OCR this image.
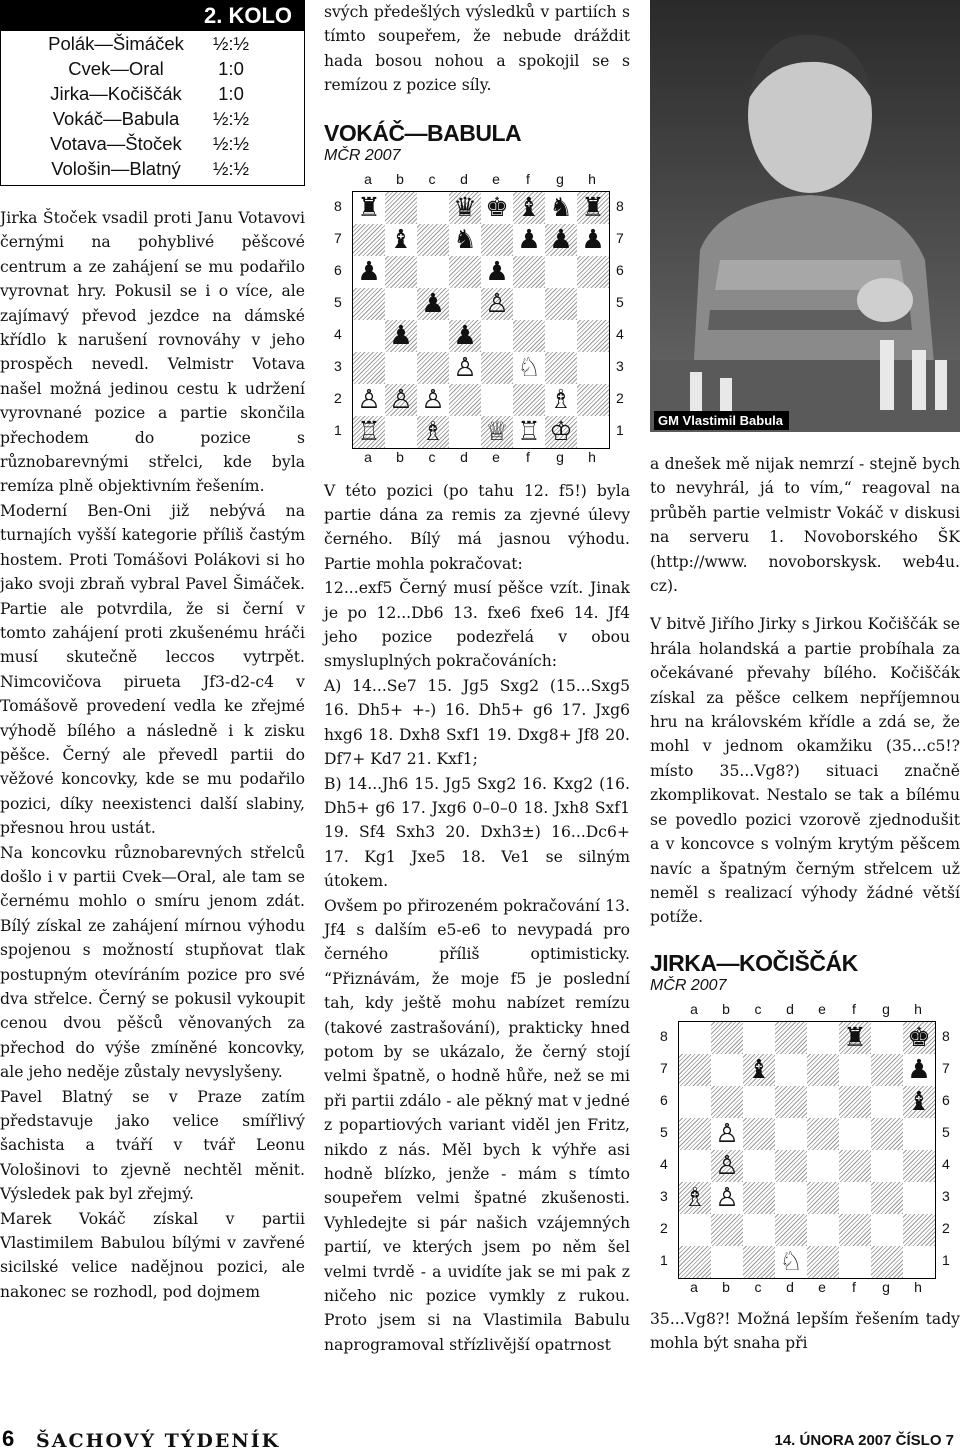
2. KOLO
Polák—Šimáček	½:½
Cvek—Oral	1:0
Jirka—Kočiščák	1:0
Vokáč—Babula	½:½
Votava—Štoček	½:½
Vološin—Blatný	½:½

Jirka Štoček vsadil proti Janu Votavovi černými na pohyblivé pěšcové centrum a ze zahájení se mu podařilo vyrovnat hry. Pokusil se i o více, ale zajímavý převod jezdce na dámské křídlo k narušení rovnováhy v jeho prospěch nevedl. Velmistr Votava našel možná jedinou cestu k udržení vyrovnané pozice a partie skončila přechodem do pozice s různobarevnými střelci, kde byla remíza plně objektivním řešením.

Moderní Ben-Oni již nebývá na turnajích vyšší kategorie příliš častým hostem. Proti Tomášovi Polákovi si ho jako svoji zbraň vybral Pavel Šimáček. Partie ale potvrdila, že si černí v tomto zahájení proti zkušenému hráči musí skutečně leccos vytrpět. Nimcovičova pirueta Jf3-d2-c4 v Tomášově provedení vedla ke zřejmé výhodě bílého a následně i k zisku pěšce. Černý ale převedl partii do věžové koncovky, kde se mu podařilo pozici, díky neexistenci další slabiny, přesnou hrou ustát.

Na koncovku různobarevných střelců došlo i v partii Cvek—Oral, ale tam se černému mohlo o smíru jenom zdát. Bílý získal ze zahájení mírnou výhodu spojenou s možností stupňovat tlak postupným otevíráním pozice pro své dva střelce. Černý se pokusil vykoupit cenou dvou pěšců věnovaných za přechod do výše zmíněné koncovky, ale jeho neděje zůstaly nevyslyšeny.

Pavel Blatný se v Praze zatím představuje jako velice smířlivý šachista a tváří v tvář Leonu Vološinovi to zjevně nechtěl měnit. Výsledek pak byl zřejmý.

Marek Vokáč získal v partii Vlastimilem Babulou bílými v zavřené sicilské velice nadějnou pozici, ale nakonec se rozhodl, pod dojmem

svých předešlých výsledků v partiích s tímto soupeřem, že nebude dráždit hada bosou nohou a spokojil se s remízou z pozice síly.

VOKÁČ—BABULA

MČR 2007

a	b	c	d	e	f	g	h
a	b	c	d	e	f	g	h
8	8
7	7
6	6
5	5
4	4
3	3
2	2
1	1
♜	♛ ♚ ♝ ♞ ♜
♝ ♞ ♟ ♟ ♟
♟	♟
♟ ♙
♟ ♟
♙ ♘
♙ ♙ ♙	♗
♖ ♗ ♕ ♖ ♔

V této pozici (po tahu 12. f5!) byla partie dána za remis za zjevné úlevy černého. Bílý má jasnou výhodu. Partie mohla pokračovat:

12...exf5 Černý musí pěšce vzít. Jinak je po 12...Db6 13. fxe6 fxe6 14. Jf4 jeho pozice podezřelá v obou smysluplných pokračováních:

A) 14...Se7 15. Jg5 Sxg2 (15...Sxg5 16. Dh5+ +-) 16. Dh5+ g6 17. Jxg6 hxg6 18. Dxh8 Sxf1 19. Dxg8+ Jf8 20. Df7+ Kd7 21. Kxf1;

B) 14...Jh6 15. Jg5 Sxg2 16. Kxg2 (16. Dh5+ g6 17. Jxg6 0–0–0 18. Jxh8 Sxf1 19. Sf4 Sxh3 20. Dxh3±) 16...Dc6+ 17. Kg1 Jxe5 18. Ve1 se silným útokem.

Ovšem po přirozeném pokračování 13. Jf4 s dalším e5-e6 to nevypadá pro černého příliš optimisticky. “Přiznávám, že moje f5 je poslední tah, kdy ještě mohu nabízet remízu (takové zastrašování), prakticky hned potom by se ukázalo, že černý stojí velmi špatně, o hodně hůře, než se mi při partii zdálo - ale pěkný mat v jedné z popartiových variant viděl jen Fritz, nikdo z nás. Měl bych k výhře asi hodně blízko, jenže - mám s tímto soupeřem velmi špatné zkušenosti. Vyhledejte si pár našich vzájemných partií, ve kterých jsem po něm šel velmi tvrdě - a uvidíte jak se mi pak z ničeho nic pozice vymkly z rukou. Proto jsem si na Vlastimila Babulu naprogramoval střízlivější opatrnost

GM Vlastimil Babula

a dnešek mě nijak nemrzí - stejně bych to nevyhrál, já to vím,“ reagoval na průběh partie velmistr Vokáč v diskusi na serveru 1. Novoborského ŠK (http://www. novoborskysk. web4u. cz).

V bitvě Jiřího Jirky s Jirkou Kočiščák se hrála holandská a partie probíhala za očekávané převahy bílého. Kočiščák získal za pěšce celkem nepříjemnou hru na královském křídle a zdá se, že mohl v jednom okamžiku (35...c5!? místo 35...Vg8?) situaci značně zkomplikovat. Nestalo se tak a bílému se povedlo pozici vzorově zjednodušit a v koncovce s volným krytým pěšcem navíc a špatným černým střelcem už neměl s realizací výhody žádné větší potíže.

JIRKA—KOČIŠČÁK

MČR 2007

a	b	c	d	e	f	g	h
a	b	c	d	e	f	g	h
8	8
7	7
6	6
5	5
4	4
3	3
2	2
1	1
♜ ♚
♝	♟
♝
♙
♙
♗ ♙
♘

35...Vg8?! Možná lepším řešením tady mohla být snaha při

6 ŠACHOVÝ TÝDENÍK	14. ÚNORA 2007 ČÍSLO 7
